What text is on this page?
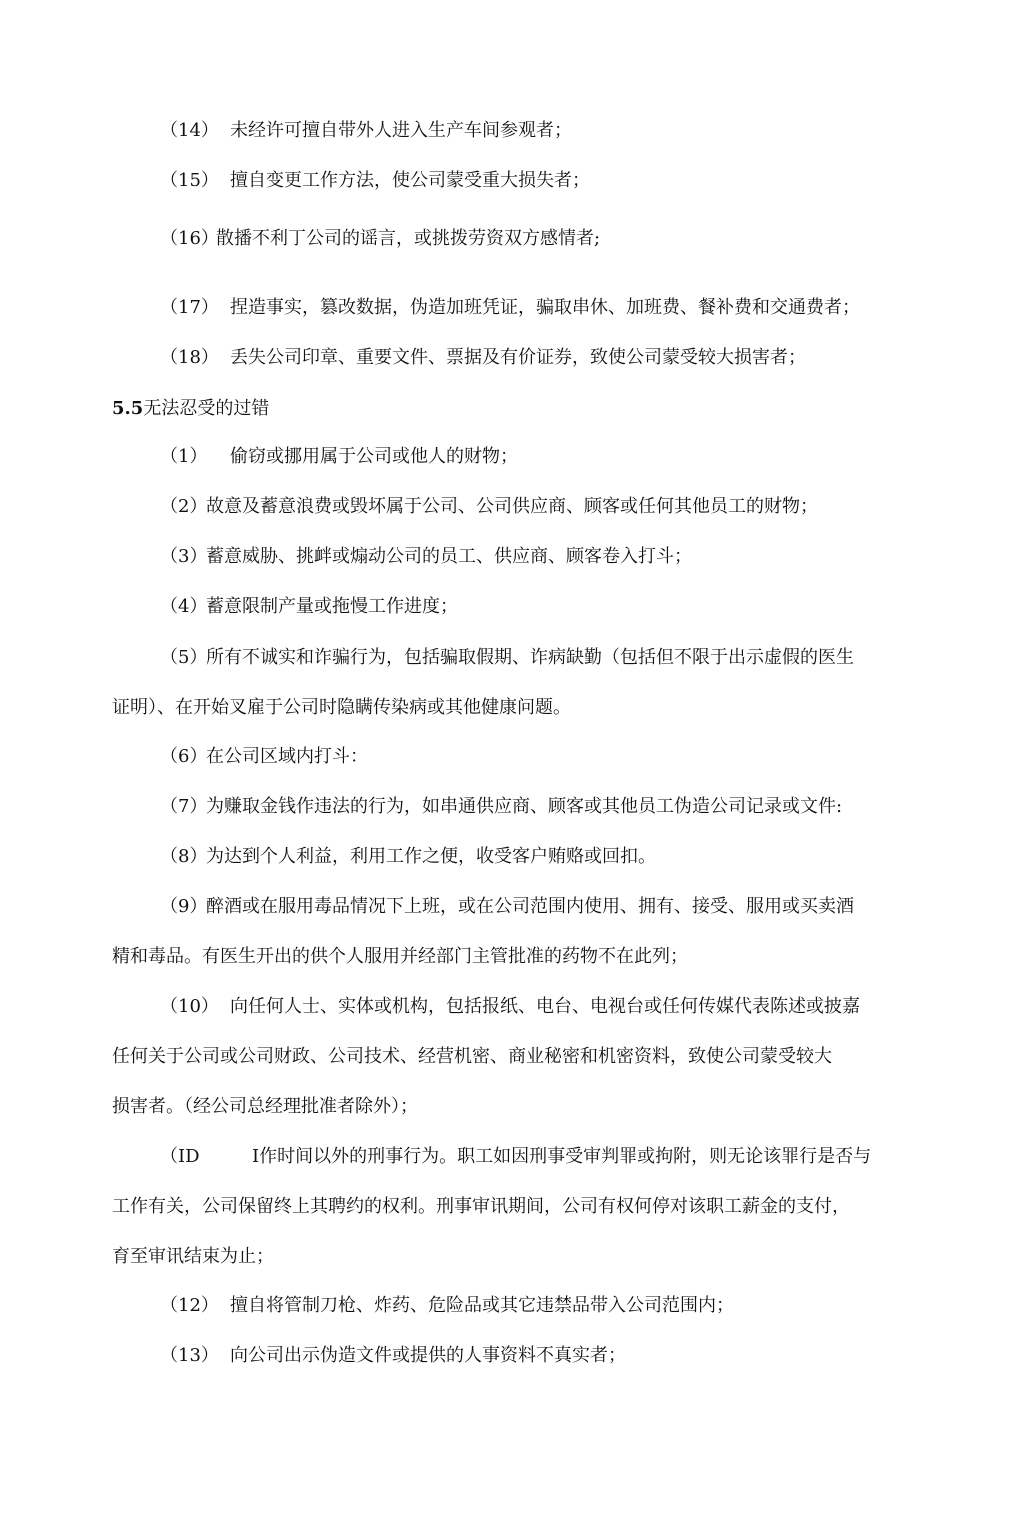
（14） 未经许可擅自带外人进入生产车间参观者；
（15） 擅自变更工作方法，使公司蒙受重大损失者；
（16）散播不利丁公司的谣言，或挑拨劳资双方感情者;
（17） 捏造事实，篡改数据，伪造加班凭证，骗取串休、加班费、餐补费和交通费者；
（18） 丢失公司印章、重要文件、票据及有价证券，致使公司蒙受较大损害者；
5.5无法忍受的过错
（1） 偷窃或挪用属于公司或他人的财物；
（2）故意及蓄意浪费或毁坏属于公司、公司供应商、顾客或任何其他员工的财物；
（3）蓄意威胁、挑衅或煽动公司的员工、供应商、顾客卷入打斗；
（4）蓄意限制产量或拖慢工作进度；
（5）所有不诚实和诈骗行为，包括骗取假期、诈病缺勤（包括但不限于出示虚假的医生
证明）、在开始叉雇于公司时隐瞒传染病或其他健康问题。
（6）在公司区域内打斗：
（7）为赚取金钱作违法的行为，如串通供应商、顾客或其他员工伪造公司记录或文件:
（8）为达到个人利益，利用工作之便，收受客户贿赂或回扣。
（9）醉酒或在服用毒品情况下上班，或在公司范围内使用、拥有、接受、服用或买卖酒
精和毒品。有医生开出的供个人服用并经部门主管批准的药物不在此列；
（10） 向任何人士、实体或机构，包括报纸、电台、电视台或任何传媒代表陈述或披嘉
任何关于公司或公司财政、公司技术、经营机密、商业秘密和机密资料，致使公司蒙受较大
损害者。（经公司总经理批准者除外）；
（ID	I作时间以外的刑事行为。职工如因刑事受审判罪或拘附，则无论该罪行是否与
工作有关，公司保留终上其聘约的权利。刑事审讯期间，公司有权何停对该职工薪金的支付，
育至审讯结束为止；
（12） 擅自将管制刀枪、炸药、危险品或其它违禁品带入公司范围内；
（13） 向公司出示伪造文件或提供的人事资料不真实者；
